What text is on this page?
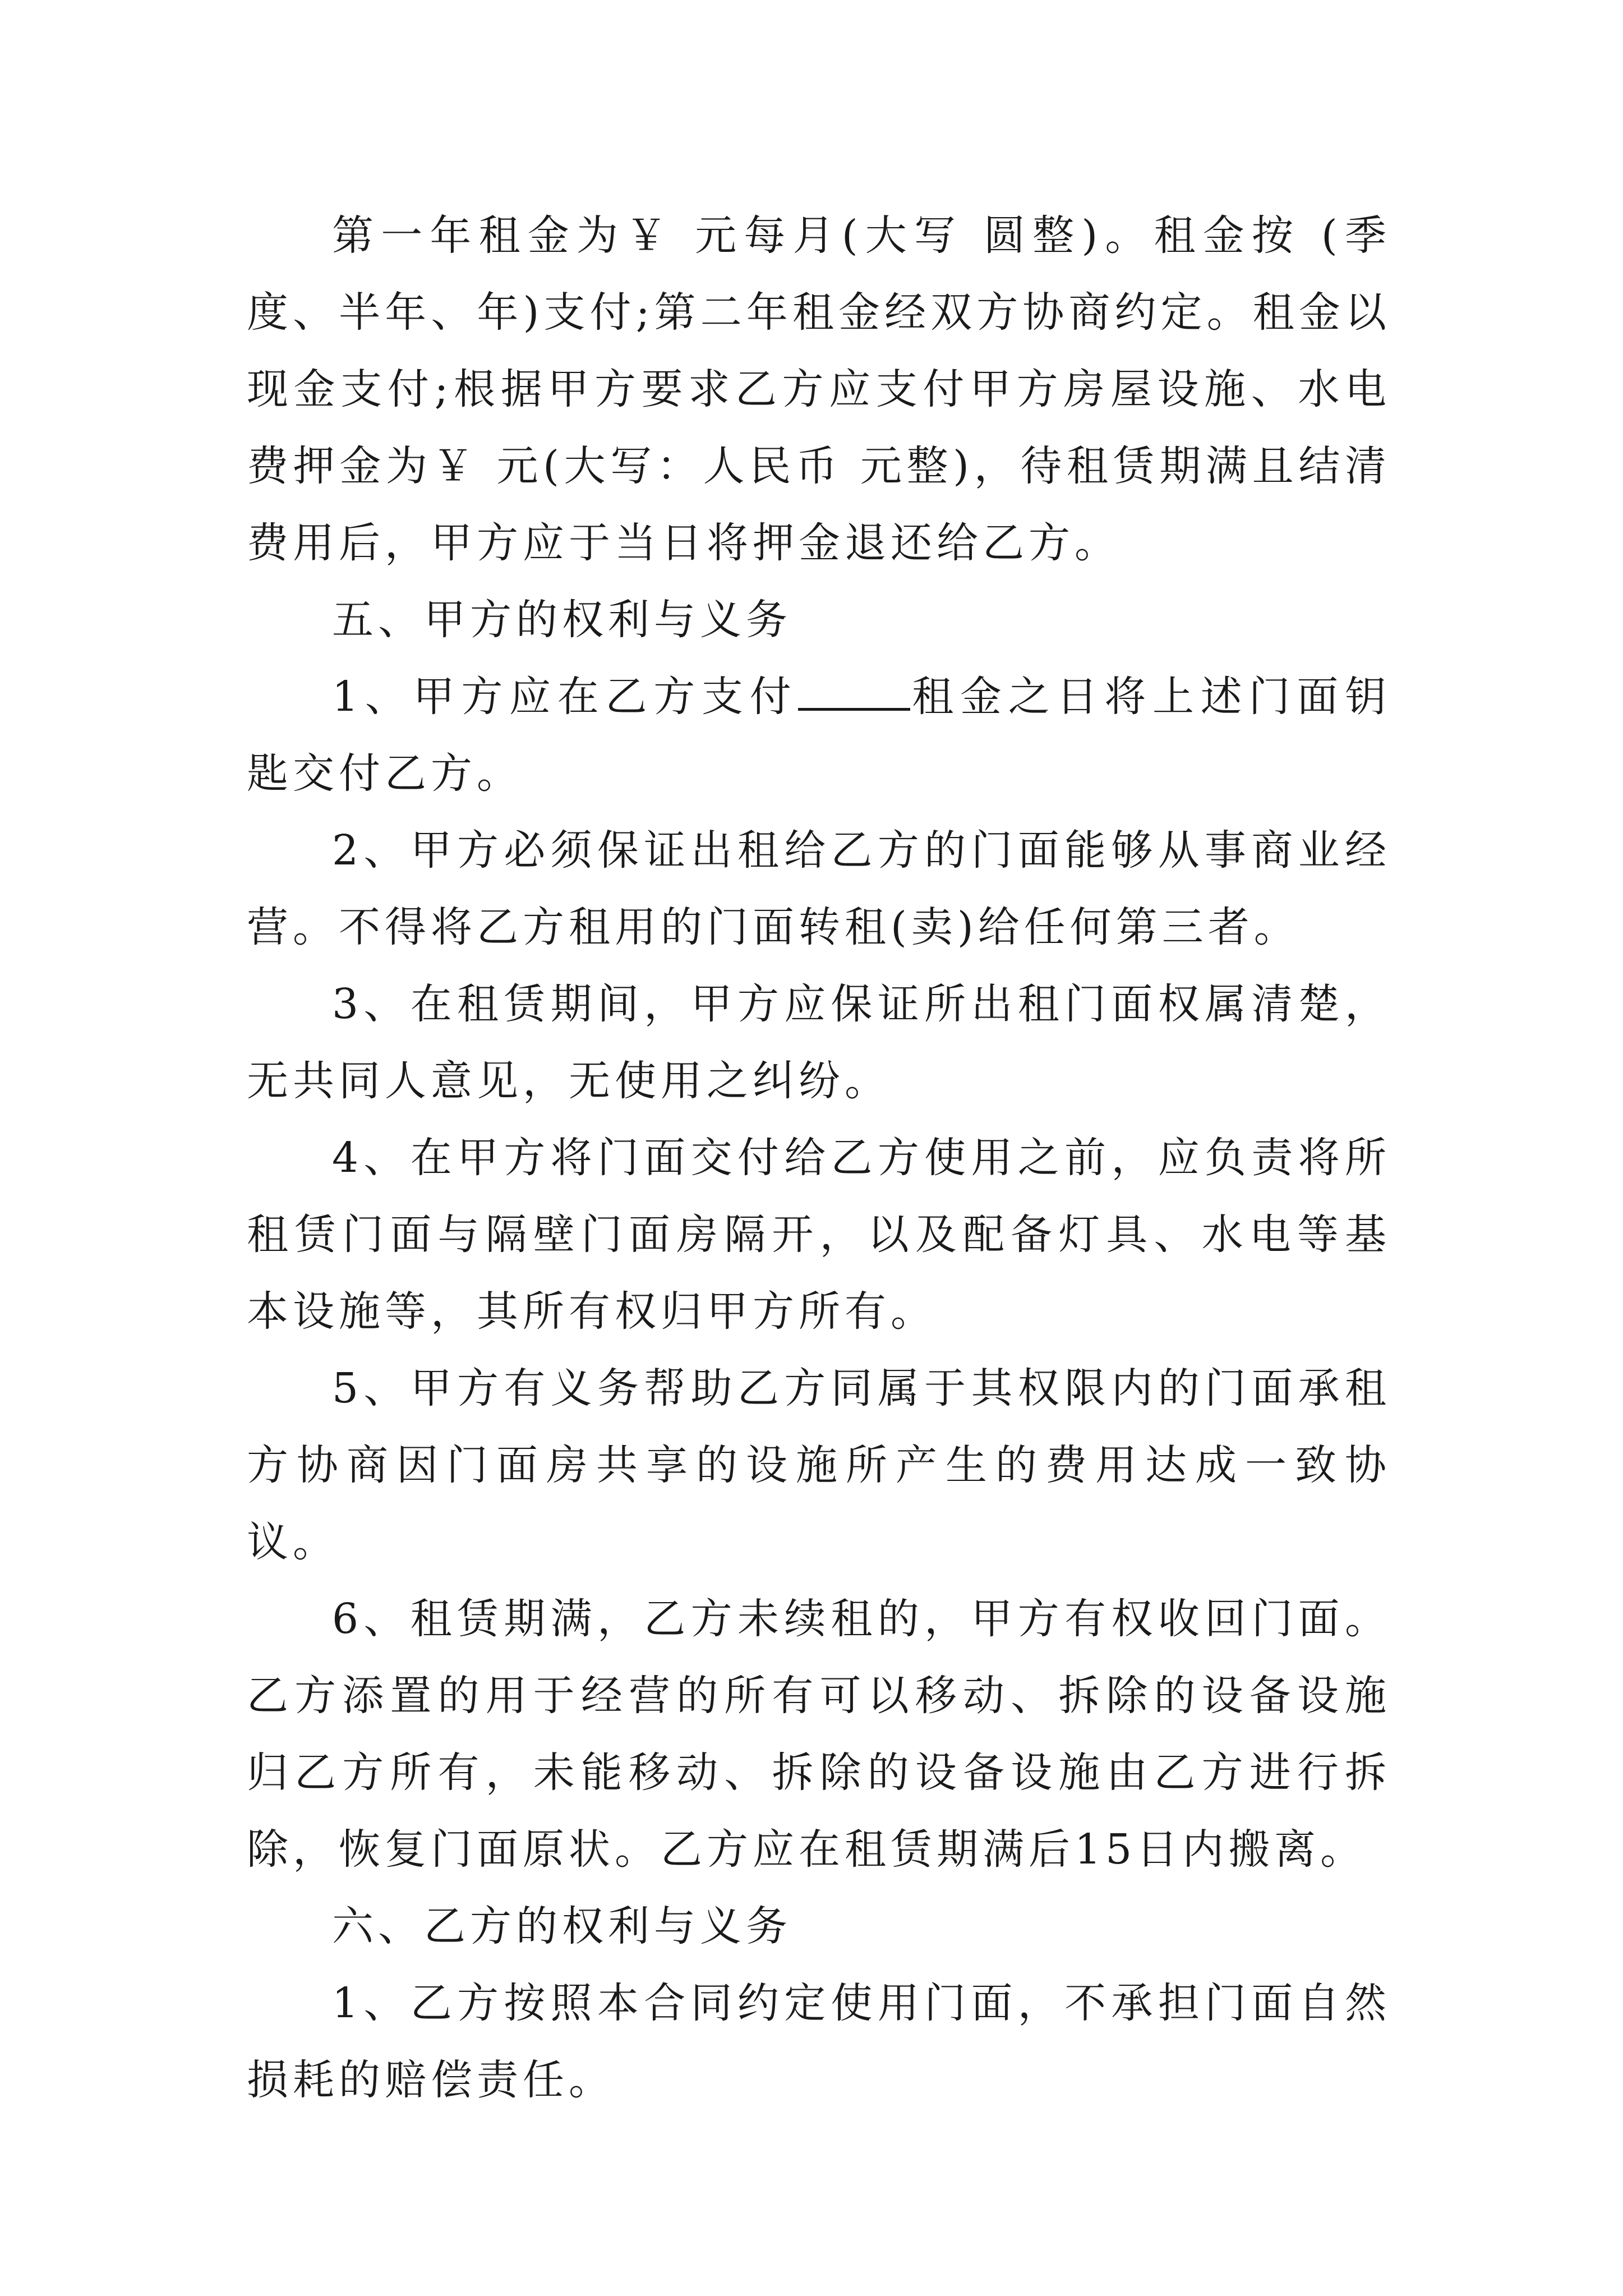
第一年租金为￥ 元每月(大写 圆整)。租金按 (季度、半年、年)支付;第二年租金经双方协商约定。租金以现金支付;根据甲方要求乙方应支付甲方房屋设施、水电费押金为￥ 元(大写：人民币 元整)，待租赁期满且结清费用后，甲方应于当日将押金退还给乙方。

五、甲方的权利与义务

1、甲方应在乙方支付	租金之日将上述门面钥匙交付乙方。

2、甲方必须保证出租给乙方的门面能够从事商业经营。不得将乙方租用的门面转租(卖)给任何第三者。

3、在租赁期间，甲方应保证所出租门面权属清楚，无共同人意见，无使用之纠纷。

4、在甲方将门面交付给乙方使用之前，应负责将所租赁门面与隔壁门面房隔开，以及配备灯具、水电等基本设施等，其所有权归甲方所有。

5、甲方有义务帮助乙方同属于其权限内的门面承租方协商因门面房共享的设施所产生的费用达成一致协议。

6、租赁期满，乙方未续租的，甲方有权收回门面。乙方添置的用于经营的所有可以移动、拆除的设备设施归乙方所有，未能移动、拆除的设备设施由乙方进行拆除，恢复门面原状。乙方应在租赁期满后15日内搬离。

六、乙方的权利与义务

1、乙方按照本合同约定使用门面，不承担门面自然损耗的赔偿责任。
